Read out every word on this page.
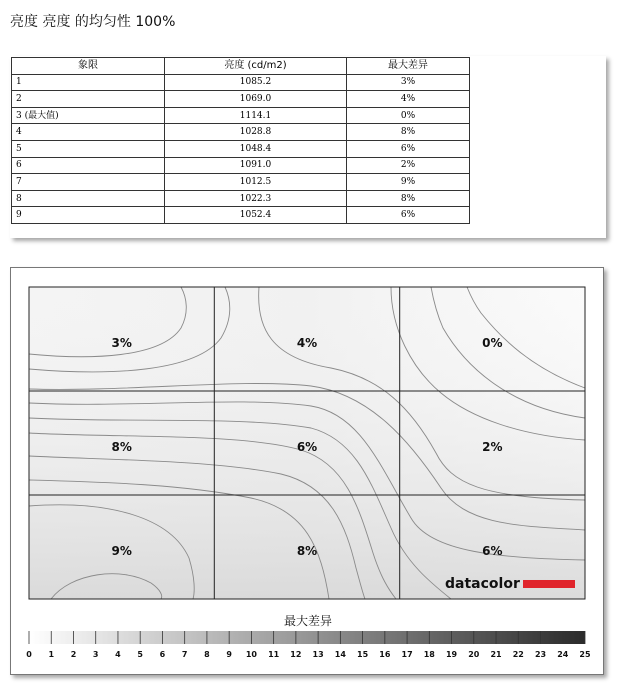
亮度 亮度 的均匀性 100%
象限	亮度 (cd/m2)	最大差异
1	1085.2	3%
2	1069.0	4%
3 (最大值)	1114.1	0%
4	1028.8	8%
5	1048.4	6%
6	1091.0	2%
7	1012.5	9%
8	1022.3	8%
9	1052.4	6%
3%	4%	0%
8%	6%	2%
9%	8%	6%
datacolor
最大差异
0 1 2 3 4 5 6 7 8 9 10 11 12 13 14 15 16 17 18 19 20 21 22 23 24 25
